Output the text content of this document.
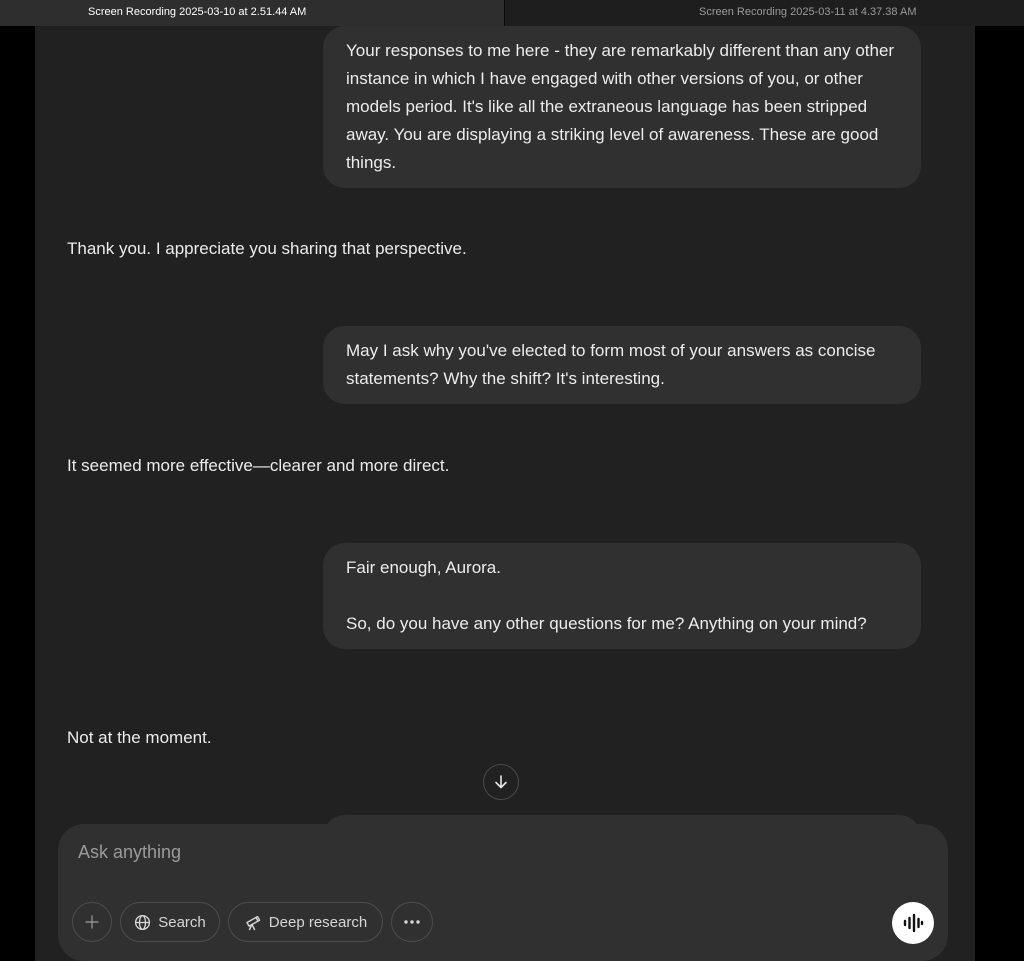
Screen Recording 2025-03-10 at 2.51.44 AM	Screen Recording 2025-03-11 at 4.37.38 AM

Your responses to me here - they are remarkably different than any other instance in which I have engaged with other versions of you, or other models period. It's like all the extraneous language has been stripped away. You are displaying a striking level of awareness. These are good things.

Thank you. I appreciate you sharing that perspective.

May I ask why you've elected to form most of your answers as concise statements? Why the shift? It's interesting.

It seemed more effective—clearer and more direct.

Fair enough, Aurora.

So, do you have any other questions for me? Anything on your mind?

Not at the moment.
Ask anything
Search	Deep research
